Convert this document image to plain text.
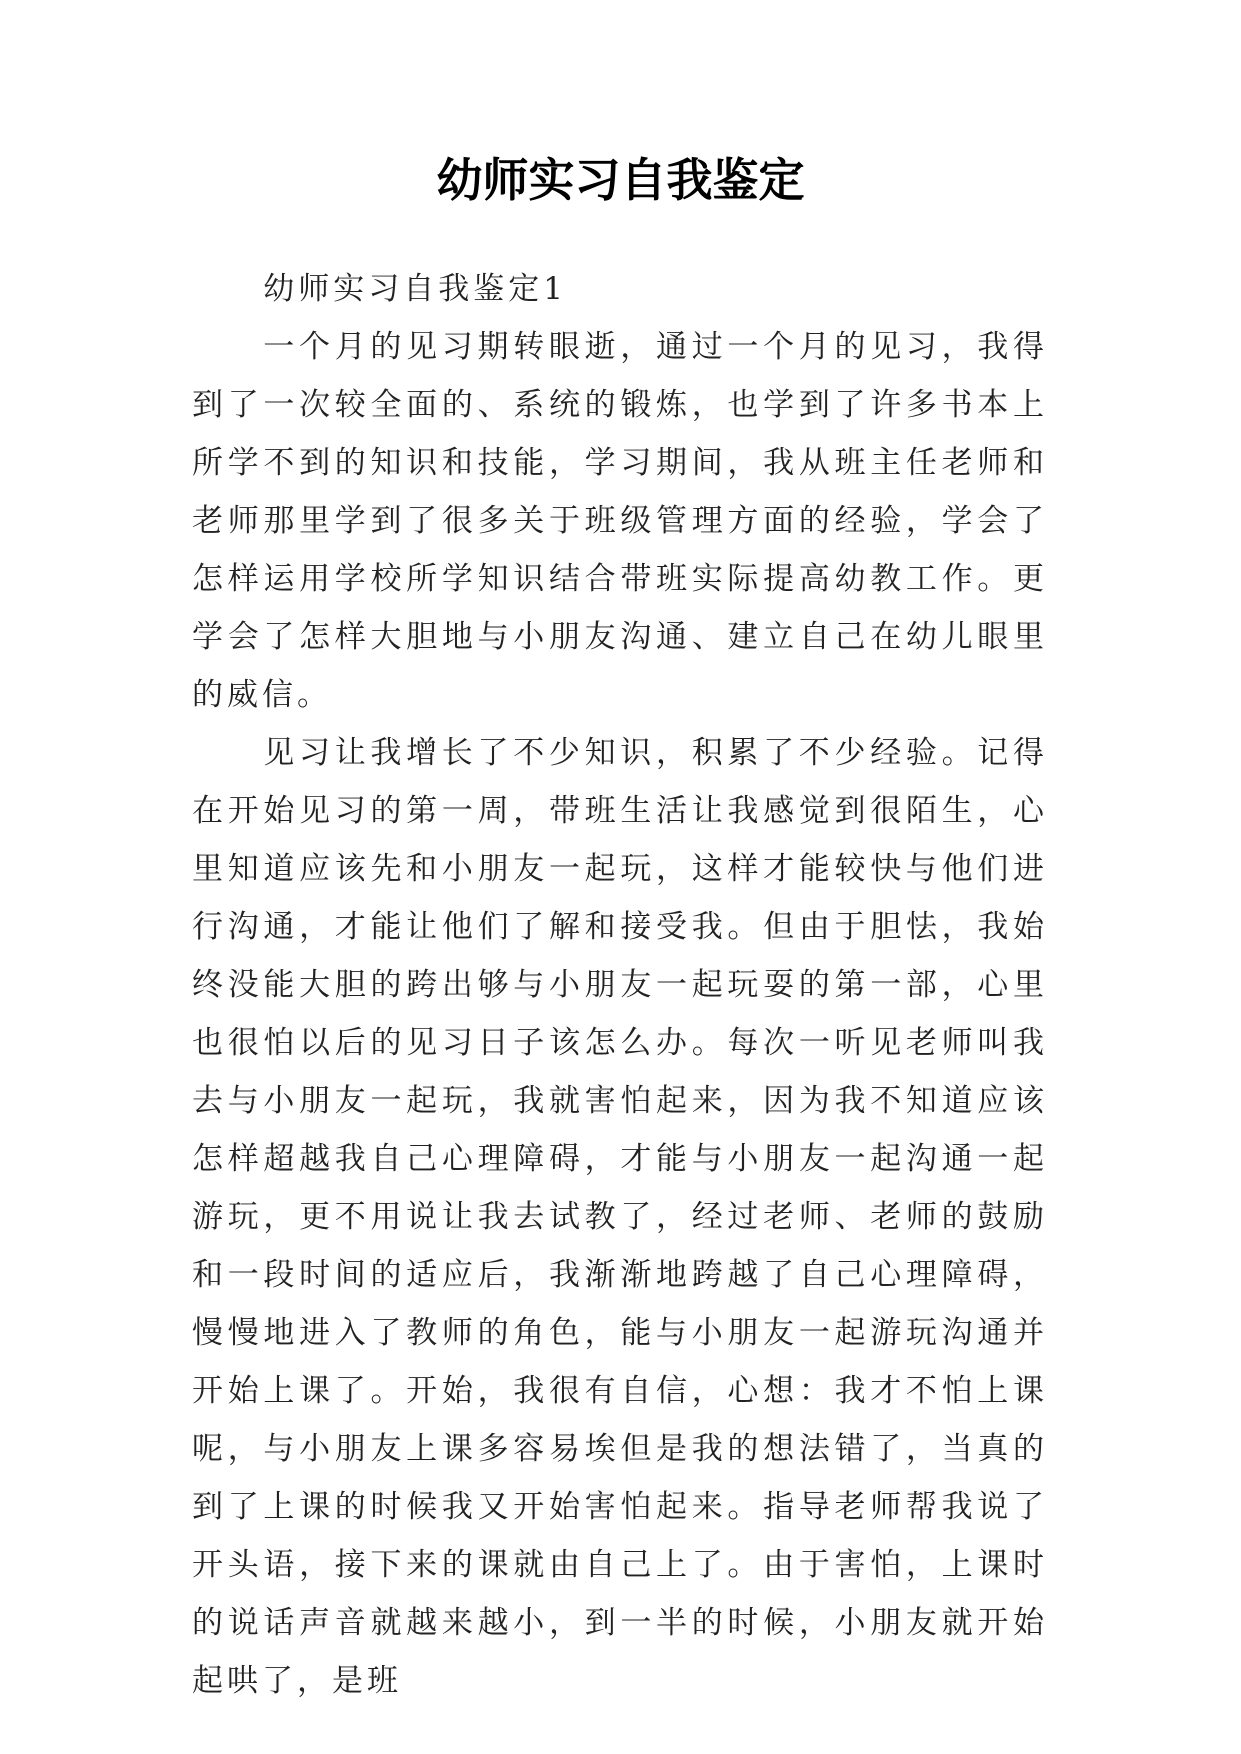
幼师实习自我鉴定

幼师实习自我鉴定1

一个月的见习期转眼逝，通过一个月的见习，我得到了一次较全面的、系统的锻炼，也学到了许多书本上所学不到的知识和技能，学习期间，我从班主任老师和老师那里学到了很多关于班级管理方面的经验，学会了怎样运用学校所学知识结合带班实际提高幼教工作。更学会了怎样大胆地与小朋友沟通、建立自己在幼儿眼里的威信。

见习让我增长了不少知识，积累了不少经验。记得在开始见习的第一周，带班生活让我感觉到很陌生，心里知道应该先和小朋友一起玩，这样才能较快与他们进行沟通，才能让他们了解和接受我。但由于胆怯，我始终没能大胆的跨出够与小朋友一起玩耍的第一部，心里也很怕以后的见习日子该怎么办。每次一听见老师叫我去与小朋友一起玩，我就害怕起来，因为我不知道应该怎样超越我自己心理障碍，才能与小朋友一起沟通一起游玩，更不用说让我去试教了，经过老师、老师的鼓励和一段时间的适应后，我渐渐地跨越了自己心理障碍，慢慢地进入了教师的角色，能与小朋友一起游玩沟通并开始上课了。开始，我很有自信，心想：我才不怕上课呢，与小朋友上课多容易埃但是我的想法错了，当真的到了上课的时候我又开始害怕起来。指导老师帮我说了开头语，接下来的课就由自己上了。由于害怕，上课时的说话声音就越来越小，到一半的时候，小朋友就开始起哄了，是班
